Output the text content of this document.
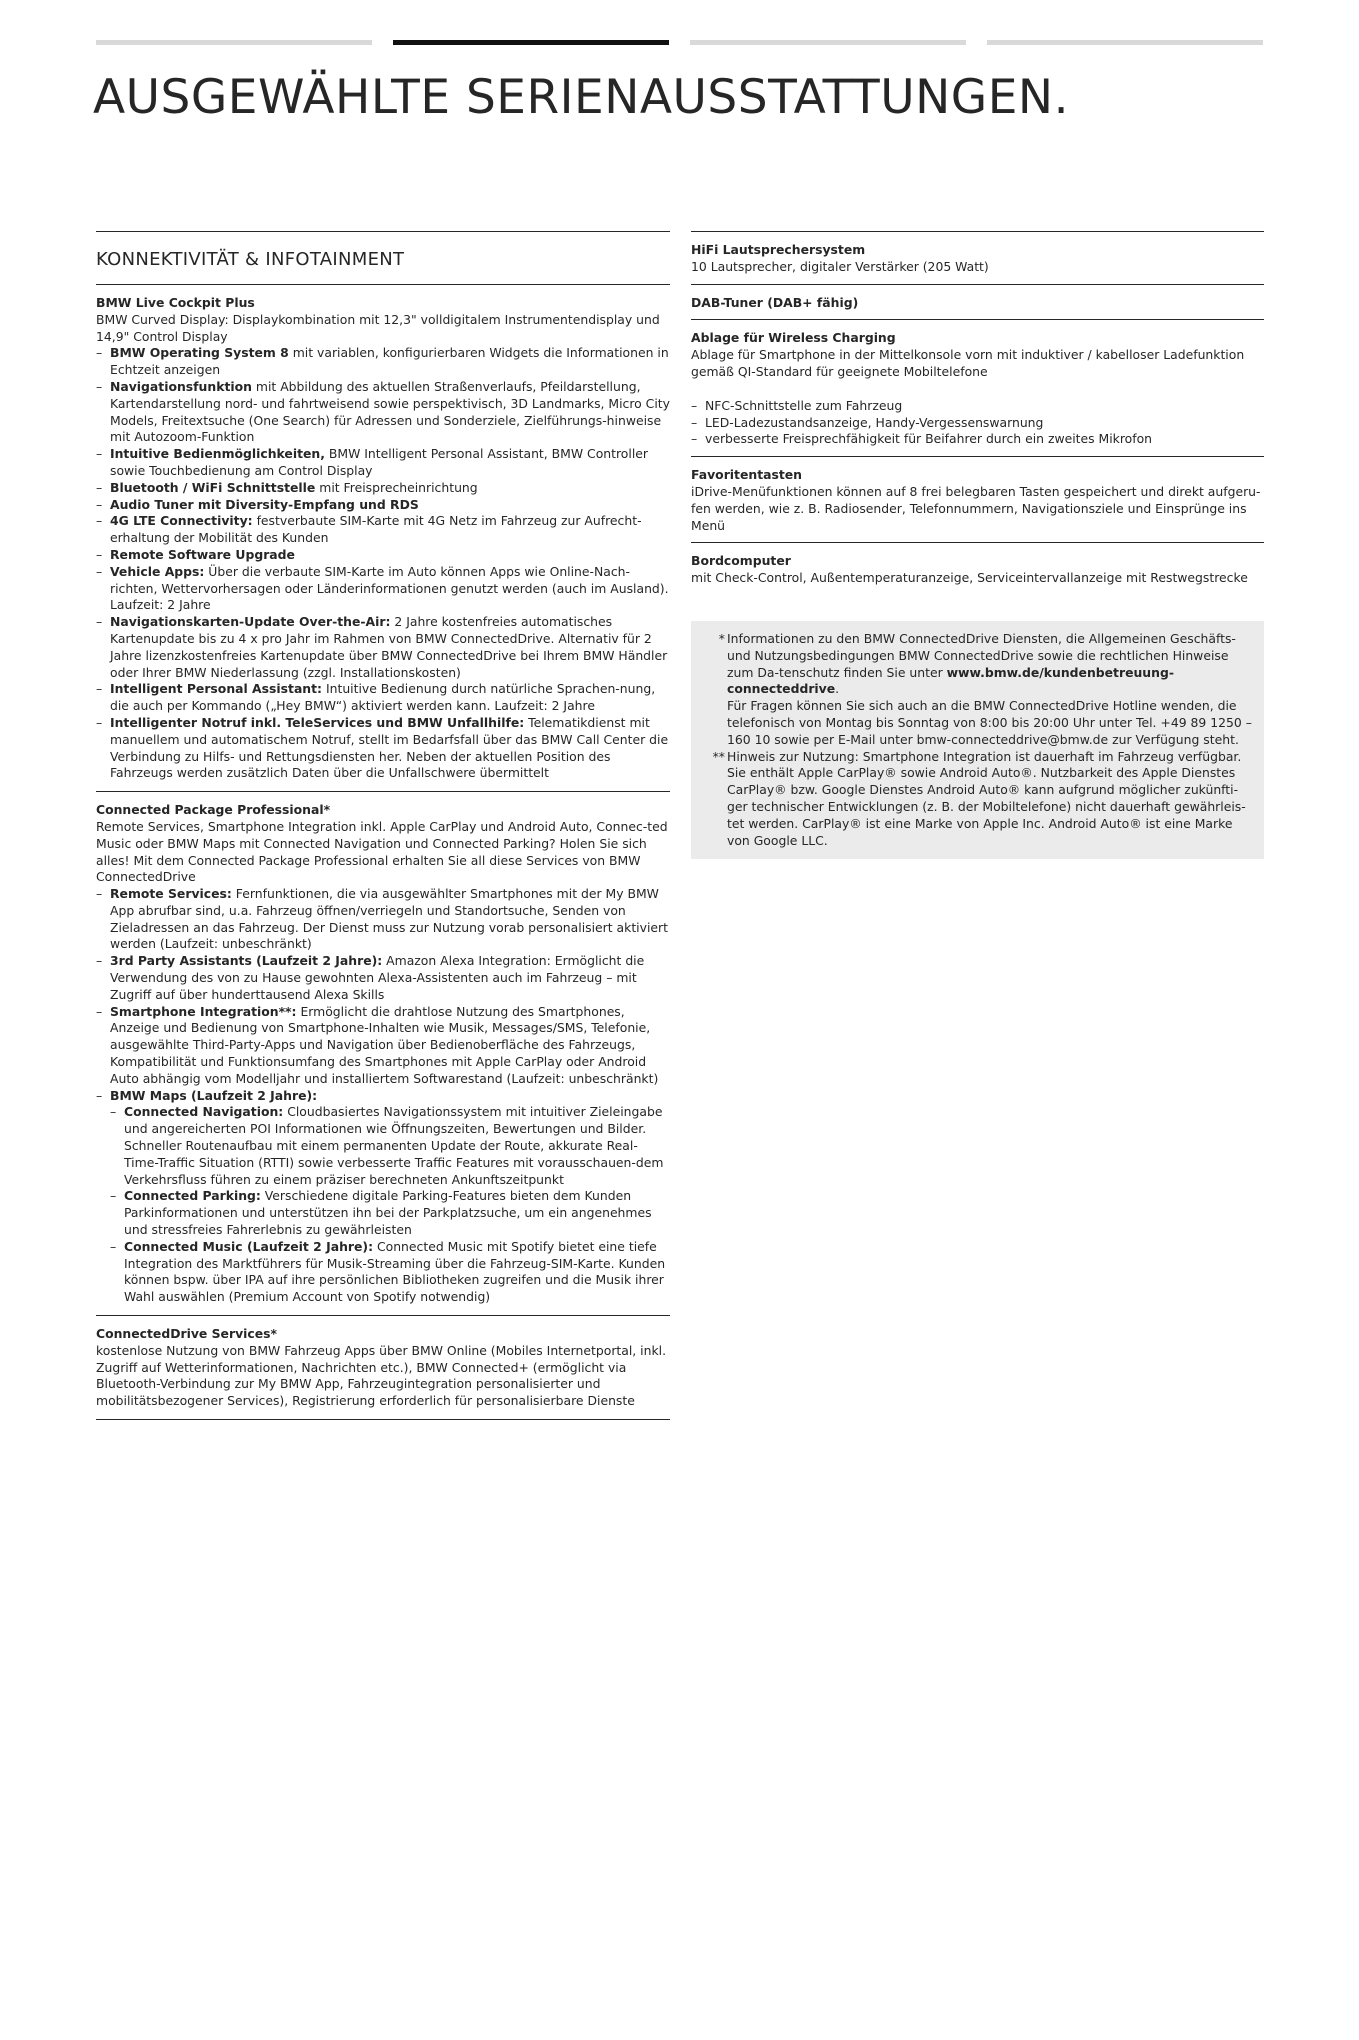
AUSGEWÄHLTE SERIENAUSSTATTUNGEN.
KONNEKTIVITÄT & INFOTAINMENT
BMW Live Cockpit Plus

BMW Curved Display: Displaykombination mit 12,3" volldigitalem Instrumentendisplay und 14,9" Control Display

– BMW Operating System 8 mit variablen, konfigurierbaren Widgets die Informationen in Echtzeit anzeigen
– Navigationsfunktion mit Abbildung des aktuellen Straßenverlaufs, Pfeildarstellung, Kartendarstellung nord- und fahrtweisend sowie perspektivisch, 3D Landmarks, Micro City Models, Freitextsuche (One Search) für Adressen und Sonderziele, Zielführungs-hinweise mit Autozoom-Funktion
– Intuitive Bedienmöglichkeiten, BMW Intelligent Personal Assistant, BMW Controller sowie Touchbedienung am Control Display
– Bluetooth / WiFi Schnittstelle mit Freisprecheinrichtung
– Audio Tuner mit Diversity-Empfang und RDS
– 4G LTE Connectivity: festverbaute SIM-Karte mit 4G Netz im Fahrzeug zur Aufrecht-erhaltung der Mobilität des Kunden
– Remote Software Upgrade
– Vehicle Apps: Über die verbaute SIM-Karte im Auto können Apps wie Online-Nach-richten, Wettervorhersagen oder Länderinformationen genutzt werden (auch im Ausland). Laufzeit: 2 Jahre
– Navigationskarten-Update Over-the-Air: 2 Jahre kostenfreies automatisches Kartenupdate bis zu 4 x pro Jahr im Rahmen von BMW ConnectedDrive. Alternativ für 2 Jahre lizenzkostenfreies Kartenupdate über BMW ConnectedDrive bei Ihrem BMW Händler oder Ihrer BMW Niederlassung (zzgl. Installationskosten)
– Intelligent Personal Assistant: Intuitive Bedienung durch natürliche Sprachen-nung, die auch per Kommando („Hey BMW“) aktiviert werden kann. Laufzeit: 2 Jahre
– Intelligenter Notruf inkl. TeleServices und BMW Unfallhilfe: Telematikdienst mit manuellem und automatischem Notruf, stellt im Bedarfsfall über das BMW Call Center die Verbindung zu Hilfs- und Rettungsdiensten her. Neben der aktuellen Position des Fahrzeugs werden zusätzlich Daten über die Unfallschwere übermittelt
Connected Package Professional*

Remote Services, Smartphone Integration inkl. Apple CarPlay und Android Auto, Connec-ted Music oder BMW Maps mit Connected Navigation und Connected Parking? Holen Sie sich alles! Mit dem Connected Package Professional erhalten Sie all diese Services von BMW ConnectedDrive

– Remote Services: Fernfunktionen, die via ausgewählter Smartphones mit der My BMW App abrufbar sind, u.a. Fahrzeug öffnen/verriegeln und Standortsuche, Senden von Zieladressen an das Fahrzeug. Der Dienst muss zur Nutzung vorab personalisiert aktiviert werden (Laufzeit: unbeschränkt)
– 3rd Party Assistants (Laufzeit 2 Jahre): Amazon Alexa Integration: Ermöglicht die Verwendung des von zu Hause gewohnten Alexa-Assistenten auch im Fahrzeug – mit Zugriff auf über hunderttausend Alexa Skills
– Smartphone Integration**: Ermöglicht die drahtlose Nutzung des Smartphones, Anzeige und Bedienung von Smartphone-Inhalten wie Musik, Messages/SMS, Telefonie, ausgewählte Third-Party-Apps und Navigation über Bedienoberfläche des Fahrzeugs, Kompatibilität und Funktionsumfang des Smartphones mit Apple CarPlay oder Android Auto abhängig vom Modelljahr und installiertem Softwarestand (Laufzeit: unbeschränkt)
– BMW Maps (Laufzeit 2 Jahre):
– Connected Navigation: Cloudbasiertes Navigationssystem mit intuitiver Zieleingabe und angereicherten POI Informationen wie Öffnungszeiten, Bewertungen und Bilder. Schneller Routenaufbau mit einem permanenten Update der Route, akkurate Real-Time-Traffic Situation (RTTI) sowie verbesserte Traffic Features mit vorausschauen-dem Verkehrsfluss führen zu einem präziser berechneten Ankunftszeitpunkt
– Connected Parking: Verschiedene digitale Parking-Features bieten dem Kunden Parkinformationen und unterstützen ihn bei der Parkplatzsuche, um ein angenehmes und stressfreies Fahrerlebnis zu gewährleisten
– Connected Music (Laufzeit 2 Jahre): Connected Music mit Spotify bietet eine tiefe Integration des Marktführers für Musik-Streaming über die Fahrzeug-SIM-Karte. Kunden können bspw. über IPA auf ihre persönlichen Bibliotheken zugreifen und die Musik ihrer Wahl auswählen (Premium Account von Spotify notwendig)
ConnectedDrive Services*

kostenlose Nutzung von BMW Fahrzeug Apps über BMW Online (Mobiles Internetportal, inkl. Zugriff auf Wetterinformationen, Nachrichten etc.), BMW Connected+ (ermöglicht via Bluetooth-Verbindung zur My BMW App, Fahrzeugintegration personalisierter und mobilitätsbezogener Services), Registrierung erforderlich für personalisierbare Dienste

HiFi Lautsprechersystem

10 Lautsprecher, digitaler Verstärker (205 Watt)

DAB-Tuner (DAB+ fähig)
Ablage für Wireless Charging

Ablage für Smartphone in der Mittelkonsole vorn mit induktiver / kabelloser Ladefunktion gemäß QI-Standard für geeignete Mobiltelefone

– NFC-Schnittstelle zum Fahrzeug
– LED-Ladezustandsanzeige, Handy-Vergessenswarnung
– verbesserte Freisprechfähigkeit für Beifahrer durch ein zweites Mikrofon
Favoritentasten

iDrive-Menüfunktionen können auf 8 frei belegbaren Tasten gespeichert und direkt aufgeru-fen werden, wie z. B. Radiosender, Telefonnummern, Navigationsziele und Einsprünge ins Menü

Bordcomputer

mit Check-Control, Außentemperaturanzeige, Serviceintervallanzeige mit Restwegstrecke

* Informationen zu den BMW ConnectedDrive Diensten, die Allgemeinen Geschäfts- und Nutzungsbedingungen BMW ConnectedDrive sowie die rechtlichen Hinweise zum Da-tenschutz finden Sie unter www.bmw.de/kundenbetreuung-connecteddrive.
Für Fragen können Sie sich auch an die BMW ConnectedDrive Hotline wenden, die telefonisch von Montag bis Sonntag von 8:00 bis 20:00 Uhr unter Tel. +49 89 1250 – 160 10 sowie per E-Mail unter bmw-connecteddrive@bmw.de zur Verfügung steht.
** Hinweis zur Nutzung: Smartphone Integration ist dauerhaft im Fahrzeug verfügbar. Sie enthält Apple CarPlay® sowie Android Auto®. Nutzbarkeit des Apple Dienstes CarPlay® bzw. Google Dienstes Android Auto® kann aufgrund möglicher zukünfti-ger technischer Entwicklungen (z. B. der Mobiltelefone) nicht dauerhaft gewährleis-tet werden. CarPlay® ist eine Marke von Apple Inc. Android Auto® ist eine Marke von Google LLC.
